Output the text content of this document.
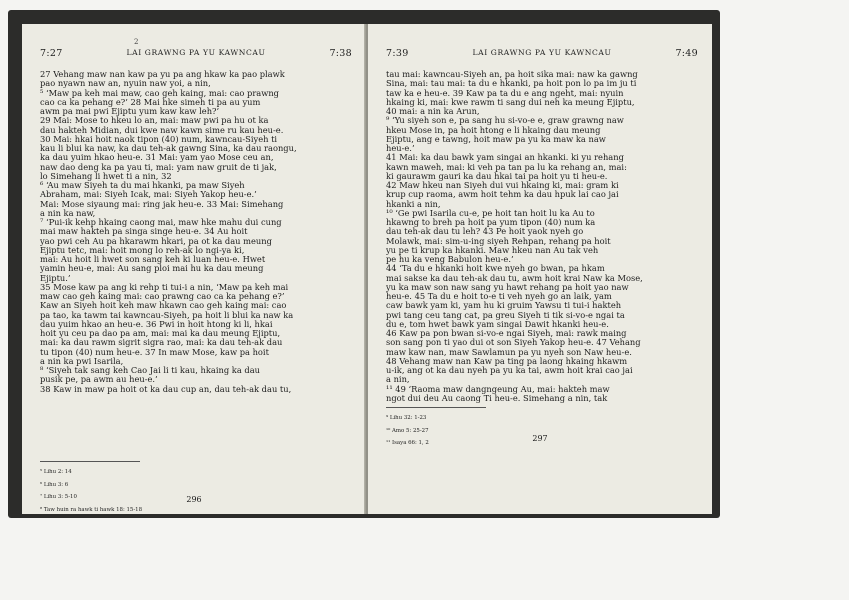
2
7:27	LAI GRAWNG PA YU KAWNCAU	7:38

27 Vehang maw nan kaw pa yu pa ang hkaw ka pao plawk

pao nyawn naw an, nyuin naw yoi, a nin,

⁵ ‘Maw pa keh mai maw, cao geh kaing, mai: cao prawng

cao ca ka pehang e?’ 28 Mai hke simeh ti pa au yum

awm pa mai pwi Ejiptu yum kaw kaw leh?’

29 Mai: Mose to hkeu lo an, mai: maw pwi pa hu ot ka

dau hakteh Midian, dui kwe naw kawn sime ru kau heu-e.

30 Mai: hkai hoit naok tipon (40) num, kawncau-Siyeh ti

kau li blui ka naw, ka dau teh-ak gawng Sina, ka dau raongu,

ka dau yuim hkao heu-e. 31 Mai: yam yao Mose ceu an,

naw dao deng ka pa yau ti, mai: yam naw gruit de ti jak,

lo Simehang li hwet ti a nin, 32

⁶ ‘Au maw Siyeh ta du mai hkanki, pa maw Siyeh

Abraham, mai: Siyeh Icak, mai: Siyeh Yakop heu-e.’

Mai: Mose siyaung mai: ring jak heu-e. 33 Mai: Simehang

a nin ka naw,

⁷ ‘Pui-ik kehp hkaing caong mai, maw hke mahu dui cung

mai maw hakteh pa singa singe heu-e. 34 Au hoit

yao pwi ceh Au pa hkarawm hkari, pa ot ka dau meung

Ejiptu tetc, mai: hoit mong lo reh-ak lo ngi-ya ki,

mai: Au hoit li hwet son sang keh ki luan heu-e. Hwet

yamin heu-e, mai: Au sang ploi mai hu ka dau meung

Ejiptu.’

35 Mose kaw pa ang ki rehp ti tui-i a nin, ‘Maw pa keh mai

maw cao geh kaing mai: cao prawng cao ca ka pehang e?’

Kaw an Siyeh hoit keh maw hkawn cao geh kaing mai: cao

pa tao, ka tawm tai kawncau-Siyeh, pa hoit li blui ka naw ka

dau yuim hkao an heu-e. 36 Pwi in hoit htong ki li, hkai

hoit yu ceu pa dao pa am, mai: mai ka dau meung Ejiptu,

mai: ka dau rawm sigrit sigra rao, mai: ka dau teh-ak dau

tu tipon (40) num heu-e. 37 In maw Mose, kaw pa hoit

a nin ka pwi Isarila,

⁸ ‘Siyeh tak sang keh Cao Jai li ti kau, hkaing ka dau

pusik pe, pa awm au heu-e.’

38 Kaw in maw pa hoit ot ka dau cup an, dau teh-ak dau tu,

⁵ Lihu 2: 14

⁶ Lihu 3: 6

⁷ Lihu 3: 5-10

⁸ Taw huin ra hawk ti hawk 18: 15-18

296
7:39	LAI GRAWNG PA YU KAWNCAU	7:49

tau mai: kawncau-Siyeh an, pa hoit sika mai: naw ka gawng

Sina, mai: tau mai: ta du e hkanki, pa hoit pon lo pa im ju ti

taw ka e heu-e. 39 Kaw pa ta du e ang ngeht, mai: nyuin

hkaing ki, mai: kwe rawm ti sang dui neh ka meung Ejiptu,

40 mai: a nin ka Arun,

⁹ ‘Yu siyeh son e, pa sang hu si-vo-e e, graw grawng naw

hkeu Mose in, pa hoit htong e li hkaing dau meung

Ejiptu, ang e tawng, hoit maw pa yu ka maw ka naw

heu-e.’

41 Mai: ka dau bawk yam singai an hkanki. ki yu rehang

kawn maweh, mai: ki veh pa tan pa lu ka rehang an, mai:

ki gaurawm gauri ka dau hkai tai pa hoit yu ti heu-e.

42 Maw hkeu nan Siyeh dui vui hkaing ki, mai: gram ki

krup cup raoma, awm hoit tehm ka dau hpuk lai cao jai

hkanki a nin,

¹⁰ ‘Ge pwi Isarila cu-e, pe hoit tan hoit lu ka Au to

hkawng to breh pa hoit pa yum tipon (40) num ka

dau teh-ak dau tu leh? 43 Pe hoit yaok nyeh go

Molawk, mai: sim-u-ing siyeh Rehpan, rehang pa hoit

yu pe ti krup ka hkanki. Maw hkeu nan Au tak veh

pe hu ka veng Babulon heu-e.’

44 ‘Ta du e hkanki hoit kwe nyeh go bwan, pa hkam

mai sakse ka dau teh-ak dau tu, awm hoit krai Naw ka Mose,

yu ka maw son naw sang yu hawt rehang pa hoit yao naw

heu-e. 45 Ta du e hoit to-e ti veh nyeh go an laik, yam

caw bawk yam ki, yam hu ki gruim Yawsu ti tui-i hakteh

pwi tang ceu tang cat, pa greu Siyeh ti tik si-vo-e ngai ta

du e, tom hwet bawk yam singai Dawit hkanki heu-e.

46 Kaw pa pon bwan si-vo-e ngai Siyeh, mai: rawk maing

son sang pon ti yao dui ot son Siyeh Yakop heu-e. 47 Vehang

maw kaw nan, maw Sawlamun pa yu nyeh son Naw heu-e.

48 Vehang maw nan Kaw pa ting pa laong hkaing hkawm

u-ik, ang ot ka dau nyeh pa yu ka tai, awm hoit krai cao jai

a nin,

¹¹ 49 ‘Raoma maw dangngeung Au, mai: hakteh maw

ngot dui deu Au caong Ti heu-e. Simehang a nin, tak

⁹ Lihu 32: 1-23

¹⁰ Amo 5: 25-27

¹¹ Isaya 66: 1, 2

297
